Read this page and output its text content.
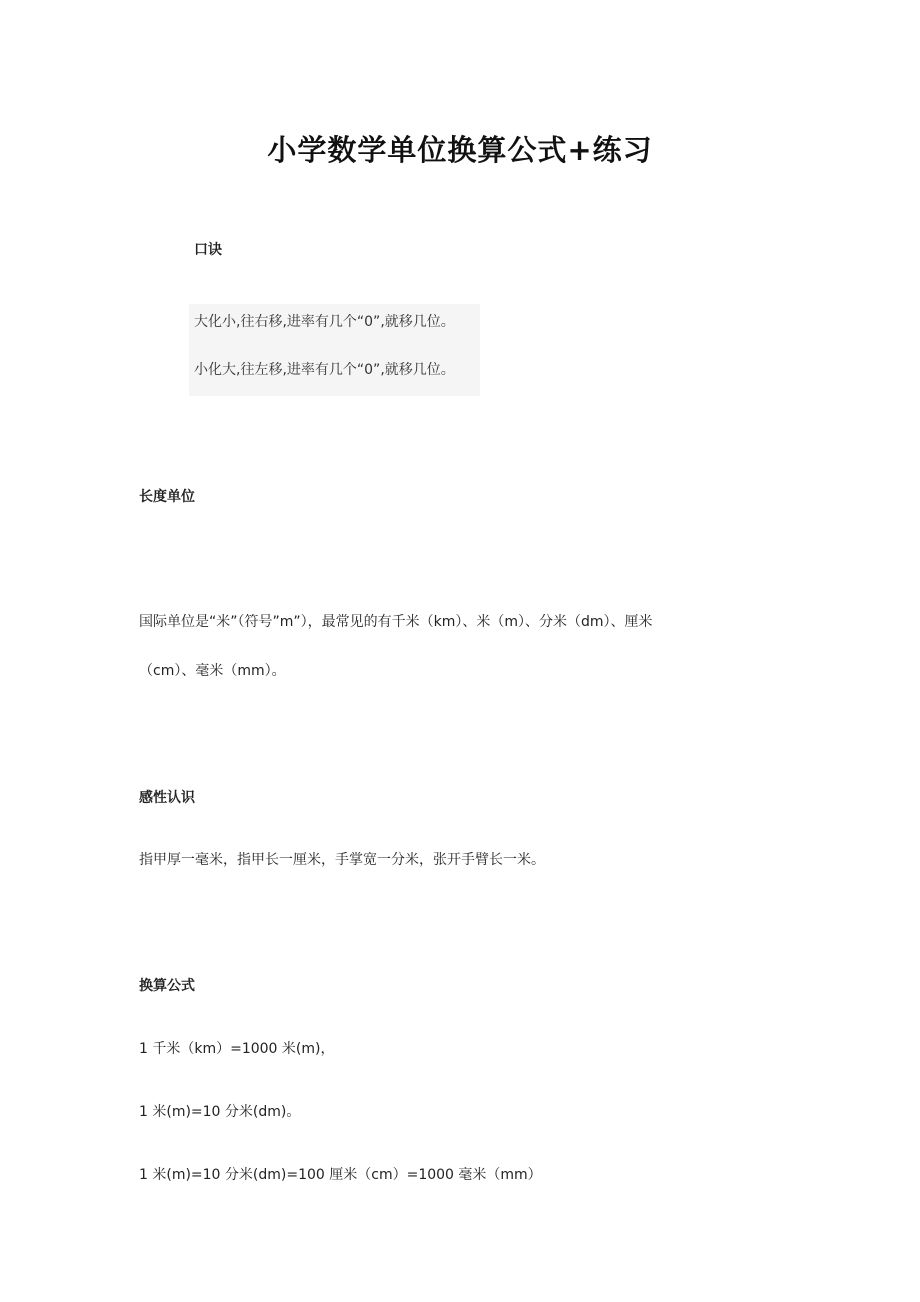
小学数学单位换算公式+练习
口诀
大化小,往右移,进率有几个“0”,就移几位。
小化大,往左移,进率有几个“0”,就移几位。
长度单位
国际单位是“米”（符号”m”），最常见的有千米（km）、米（m）、分米（dm）、厘米
（cm）、毫米（mm）。
感性认识
指甲厚一毫米，指甲长一厘米，手掌宽一分米，张开手臂长一米。
换算公式
1 千米（km）=1000 米(m)，
1 米(m)=10 分米(dm)。
1 米(m)=10 分米(dm)=100 厘米（cm）=1000 毫米（mm）
